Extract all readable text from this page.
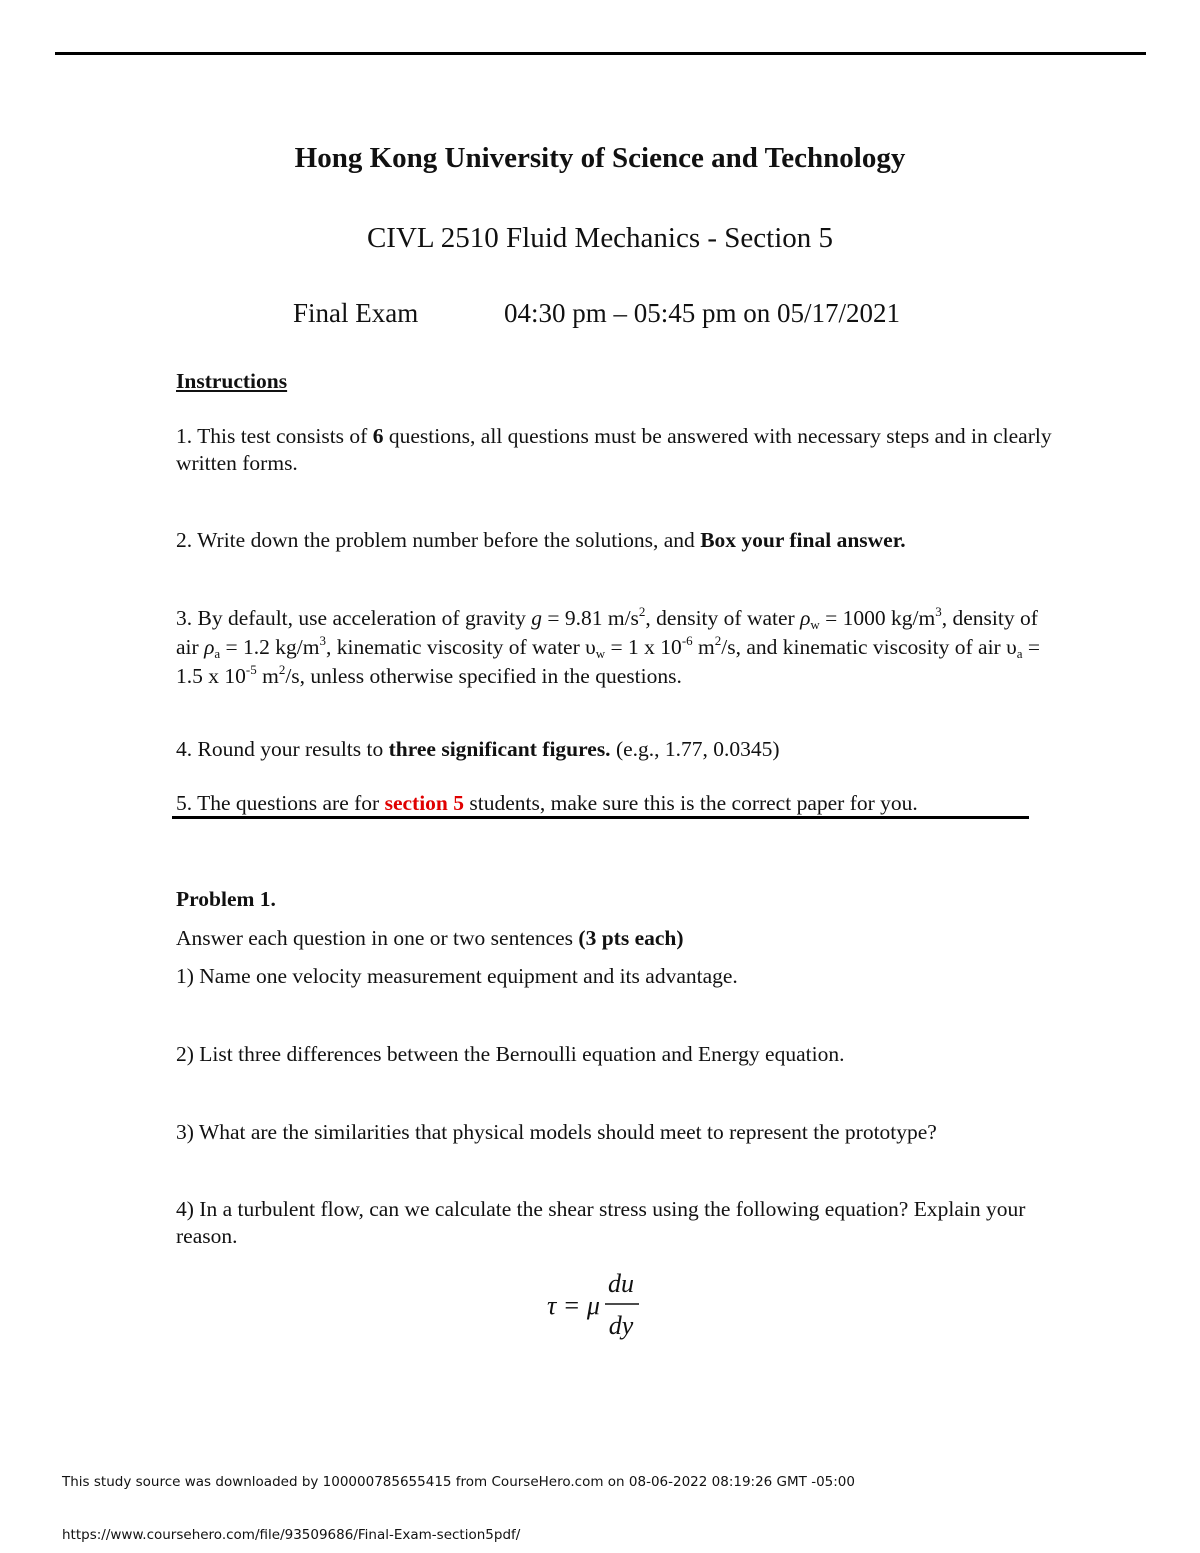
Hong Kong University of Science and Technology
CIVL 2510 Fluid Mechanics - Section 5
Final Exam	04:30 pm – 05:45 pm on 05/17/2021
Instructions
1. This test consists of 6 questions, all questions must be answered with necessary steps and in clearly written forms.
2. Write down the problem number before the solutions, and Box your final answer.
3. By default, use acceleration of gravity g = 9.81 $m/s^2$, density of water $\rho_w = 1000$ $kg/m^3$, density of air $\rho_a = 1.2$ $kg/m^3$, kinematic viscosity of water $\upsilon_w = 1$ x $10^{-6}$ $m^2/s$, and kinematic viscosity of air $\upsilon_a = 1.5$ x $10^{-5}$ $m^2/s$, unless otherwise specified in the questions.
4. Round your results to three significant figures. (e.g., 1.77, 0.0345)
5. The questions are for section 5 students, make sure this is the correct paper for you.
Problem 1.
Answer each question in one or two sentences (3 pts each)
1) Name one velocity measurement equipment and its advantage.
2) List three differences between the Bernoulli equation and Energy equation.
3) What are the similarities that physical models should meet to represent the prototype?
4) In a turbulent flow, can we calculate the shear stress using the following equation? Explain your reason.
τ = μ
du
dy
This study source was downloaded by 100000785655415 from CourseHero.com on 08-06-2022 08:19:26 GMT -05:00
https://www.coursehero.com/file/93509686/Final-Exam-section5pdf/
